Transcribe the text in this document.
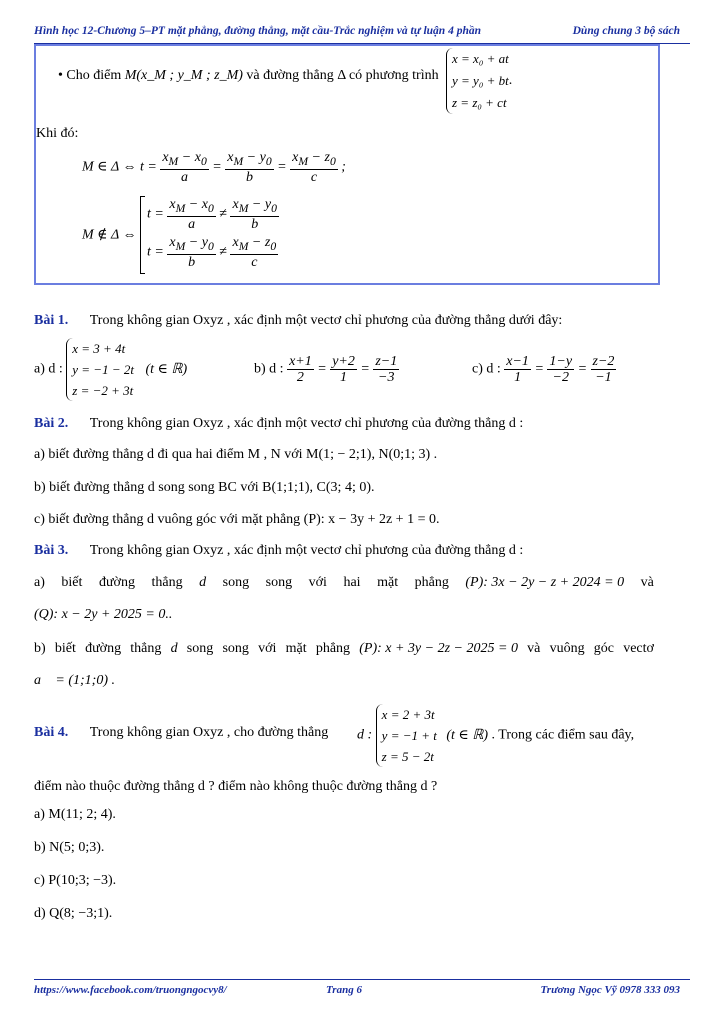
Hình học 12-Chương 5–PT mặt phẳng, đường thẳng, mặt cầu-Trắc nghiệm và tự luận 4 phần	Dùng chung 3 bộ sách
• Cho điểm M(x_M ; y_M ; z_M) và đường thẳng Δ có phương trình
x = x₀ + at
y = y₀ + bt
z = z₀ + ct
.
Khi đó:
M ∈ Δ ⇔ $t = \frac{x_M - x_0}{a} = \frac{x_M - y_0}{b} = \frac{x_M - z_0}{c}$ ;
M ∉ Δ ⇔
$t = \frac{x_M - x_0}{a} \ne \frac{x_M - y_0}{b}$
$t = \frac{x_M - y_0}{b} \ne \frac{x_M - z_0}{c}$
Bài 1. Trong không gian Oxyz , xác định một vectơ chỉ phương của đường thẳng dưới đây:
a) d :
x = 3 + 4t
y = −1 − 2t
z = −2 + 3t
(t ∈ ℝ)	b) d : $\frac{x+1}{2} = \frac{y+2}{1} = \frac{z-1}{-3}$	c) d : $\frac{x-1}{1} = \frac{1-y}{-2} = \frac{z-2}{-1}$
Bài 2. Trong không gian Oxyz , xác định một vectơ chỉ phương của đường thẳng d :
a) biết đường thẳng d đi qua hai điểm M , N với M(1; − 2;1), N(0;1; 3) .
b) biết đường thẳng d song song BC với B(1;1;1), C(3; 4; 0).
c) biết đường thẳng d vuông góc với mặt phẳng (P): x − 3y + 2z + 1 = 0.
Bài 3. Trong không gian Oxyz , xác định một vectơ chỉ phương của đường thẳng d :
a) biết đường thẳng d song song với hai mặt phẳng (P): 3x − 2y − z + 2024 = 0 và
(Q): x − 2y + 2025 = 0..
b) biết đường thẳng d song song với mặt phẳng (P): x + 3y − 2z − 2025 = 0 và vuông góc vectơ
a⃗ = (1;1;0) .
Bài 4. Trong không gian Oxyz , cho đường thẳng d :
x = 2 + 3t
y = −1 + t
z = 5 − 2t
(t ∈ ℝ) . Trong các điểm sau đây,
điểm nào thuộc đường thẳng d ? điểm nào không thuộc đường thẳng d ?
a) M(11; 2; 4).
b) N(5; 0;3).
c) P(10;3; −3).
d) Q(8; −3;1).
https://www.facebook.com/truongngocvy8/	Trang 6	Trương Ngọc Vỹ 0978 333 093
